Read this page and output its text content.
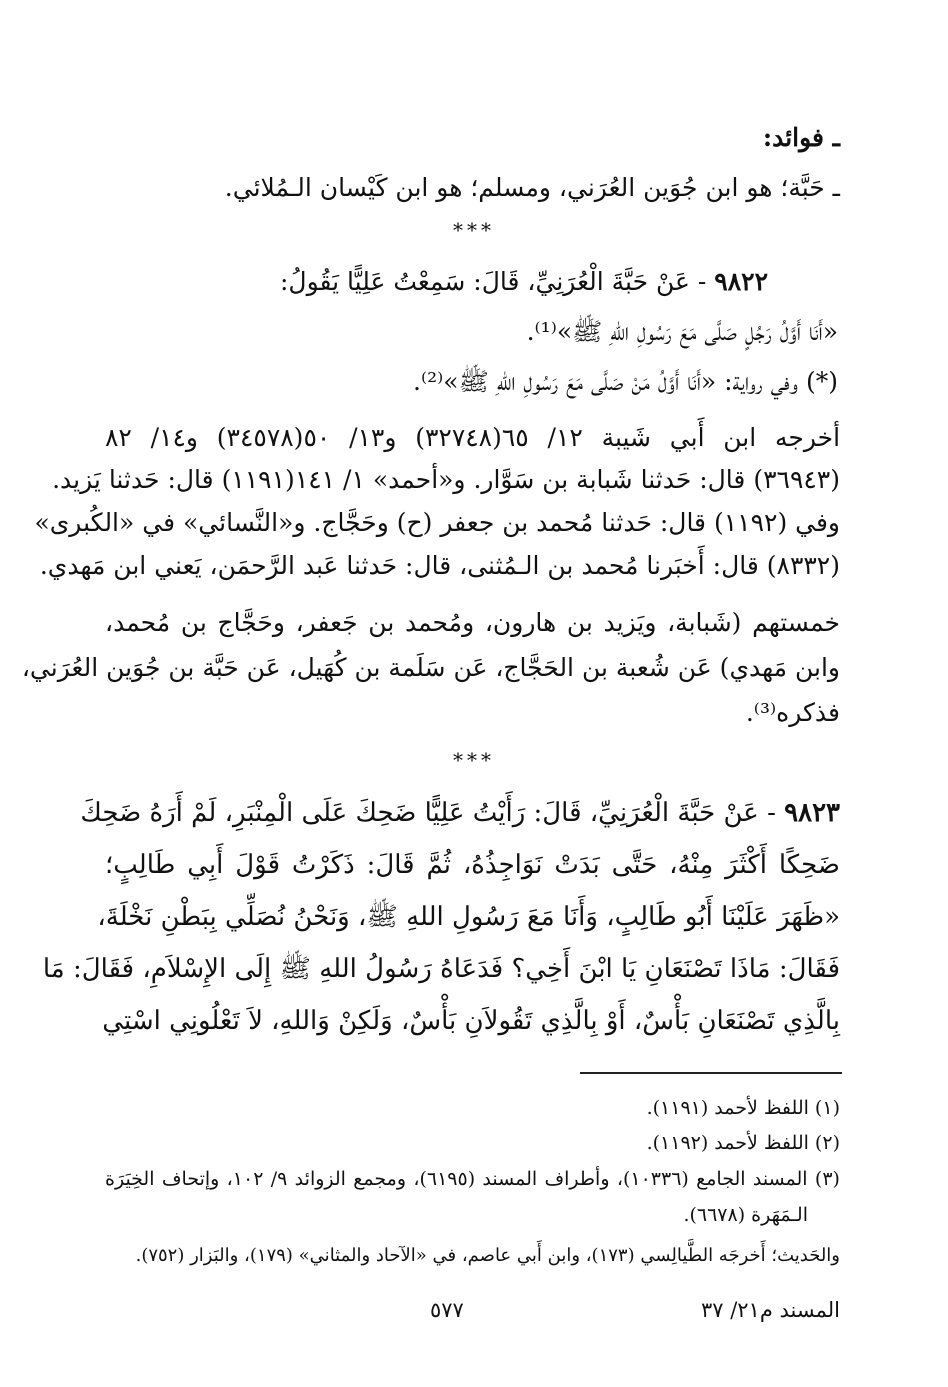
ـ فوائد:
ـ حَبَّة؛ هو ابن جُوَين العُرَني، ومسلم؛ هو ابن كَيْسان الـمُلائي.
***
٩٨٢٢ - عَنْ حَبَّةَ الْعُرَنِيِّ، قَالَ: سَمِعْتُ عَلِيًّا يَقُولُ:
«أَنَا أَوَّلُ رَجُلٍ صَلَّى مَعَ رَسُولِ اللهِ ﷺ»⁽¹⁾.
(*) وفي رواية: «أَنَا أَوَّلُ مَنْ صَلَّى مَعَ رَسُولِ اللهِ ﷺ»⁽²⁾.
أخرجه ابن أَبي شَيبة ١٢/ ٦٥(٣٢٧٤٨) و١٣/ ٥٠(٣٤٥٧٨) و١٤/ ٨٢
(٣٦٩٤٣) قال: حَدثنا شَبابة بن سَوَّار. و«أحمد» ١/ ١٤١(١١٩١) قال: حَدثنا يَزيد.
وفي (١١٩٢) قال: حَدثنا مُحمد بن جعفر (ح) وحَجَّاج. و«النَّسائي» في «الكُبرى»
(٨٣٣٢) قال: أَخبَرنا مُحمد بن الـمُثنى، قال: حَدثنا عَبد الرَّحمَن، يَعني ابن مَهدي.
خمستهم (شَبابة، ويَزيد بن هارون، ومُحمد بن جَعفر، وحَجَّاج بن مُحمد،
وابن مَهدي) عَن شُعبة بن الحَجَّاج، عَن سَلَمة بن كُهَيل، عَن حَبَّة بن جُوَين العُرَني،
فذكره⁽³⁾.
***
٩٨٢٣ - عَنْ حَبَّةَ الْعُرَنِيِّ، قَالَ: رَأَيْتُ عَلِيًّا ضَحِكَ عَلَى الْمِنْبَرِ، لَمْ أَرَهُ ضَحِكَ
ضَحِكًا أَكْثَرَ مِنْهُ، حَتَّى بَدَتْ نَوَاجِذُهُ، ثُمَّ قَالَ: ذَكَرْتُ قَوْلَ أَبِي طَالِبٍ؛
«ظَهَرَ عَلَيْنَا أَبُو طَالِبٍ، وَأَنَا مَعَ رَسُولِ اللهِ ﷺ، وَنَحْنُ نُصَلِّي بِبَطْنِ نَخْلَةَ،
فَقَالَ: مَاذَا تَصْنَعَانِ يَا ابْنَ أَخِي؟ فَدَعَاهُ رَسُولُ اللهِ ﷺ إِلَى الإِسْلاَمِ، فَقَالَ: مَا
بِالَّذِي تَصْنَعَانِ بَأْسٌ، أَوْ بِالَّذِي تَقُولاَنِ بَأْسٌ، وَلَكِنْ وَاللهِ، لاَ تَعْلُونِي اسْتِي
(١) اللفظ لأحمد (١١٩١).
(٢) اللفظ لأحمد (١١٩٢).
(٣) المسند الجامع (١٠٣٣٦)، وأطراف المسند (٦١٩٥)، ومجمع الزوائد ٩/ ١٠٢، وإتحاف الخِيَرَة
الـمَهَرة (٦٦٧٨).
والحَديث؛ أَخرجَه الطَّيالِسي (١٧٣)، وابن أَبي عاصم، في «الآحاد والمثاني» (١٧٩)، والبَزار (٧٥٢).
المسند م٢١/ ٣٧
٥٧٧
